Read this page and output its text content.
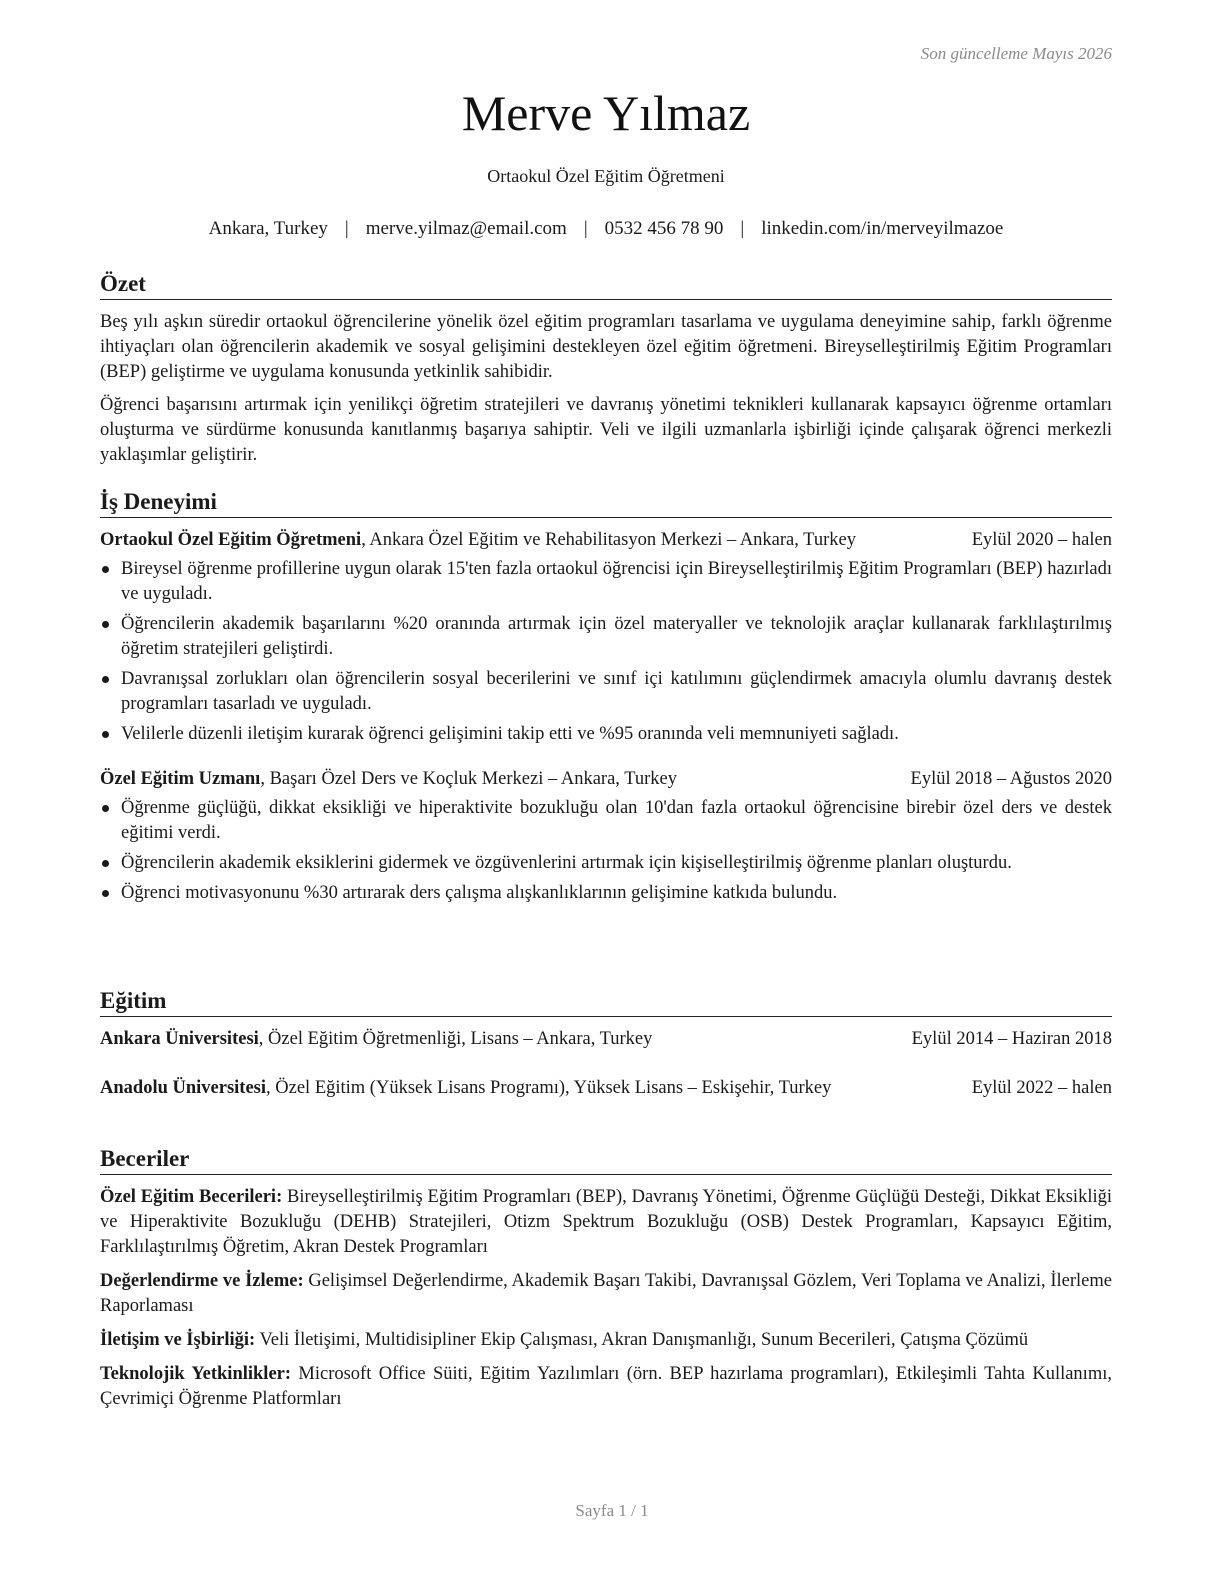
Son güncelleme Mayıs 2026
Merve Yılmaz
Ortaokul Özel Eğitim Öğretmeni
Ankara, Turkey | merve.yilmaz@email.com | 0532 456 78 90 | linkedin.com/in/merveyilmazoe
Özet

Beş yılı aşkın süredir ortaokul öğrencilerine yönelik özel eğitim programları tasarlama ve uygulama deneyimine sahip, farklı öğrenme ihtiyaçları olan öğrencilerin akademik ve sosyal gelişimini destekleyen özel eğitim öğretmeni. Bireyselleştirilmiş Eğitim Programları (BEP) geliştirme ve uygulama konusunda yetkinlik sahibidir.

Öğrenci başarısını artırmak için yenilikçi öğretim stratejileri ve davranış yönetimi teknikleri kullanarak kapsayıcı öğrenme ortamları oluşturma ve sürdürme konusunda kanıtlanmış başarıya sahiptir. Veli ve ilgili uzmanlarla işbirliği içinde çalışarak öğrenci merkezli yaklaşımlar geliştirir.

İş Deneyimi
Ortaokul Özel Eğitim Öğretmeni, Ankara Özel Eğitim ve Rehabilitasyon Merkezi – Ankara, Turkey	Eylül 2020 – halen
Bireysel öğrenme profillerine uygun olarak 15'ten fazla ortaokul öğrencisi için Bireyselleştirilmiş Eğitim Programları (BEP) hazırladı ve uyguladı.
Öğrencilerin akademik başarılarını %20 oranında artırmak için özel materyaller ve teknolojik araçlar kullanarak farklılaştırılmış öğretim stratejileri geliştirdi.
Davranışsal zorlukları olan öğrencilerin sosyal becerilerini ve sınıf içi katılımını güçlendirmek amacıyla olumlu davranış destek programları tasarladı ve uyguladı.
Velilerle düzenli iletişim kurarak öğrenci gelişimini takip etti ve %95 oranında veli memnuniyeti sağladı.
Özel Eğitim Uzmanı, Başarı Özel Ders ve Koçluk Merkezi – Ankara, Turkey	Eylül 2018 – Ağustos 2020
Öğrenme güçlüğü, dikkat eksikliği ve hiperaktivite bozukluğu olan 10'dan fazla ortaokul öğrencisine birebir özel ders ve destek eğitimi verdi.
Öğrencilerin akademik eksiklerini gidermek ve özgüvenlerini artırmak için kişiselleştirilmiş öğrenme planları oluşturdu.
Öğrenci motivasyonunu %30 artırarak ders çalışma alışkanlıklarının gelişimine katkıda bulundu.
Eğitim
Ankara Üniversitesi, Özel Eğitim Öğretmenliği, Lisans – Ankara, Turkey	Eylül 2014 – Haziran 2018
Anadolu Üniversitesi, Özel Eğitim (Yüksek Lisans Programı), Yüksek Lisans – Eskişehir, Turkey	Eylül 2022 – halen
Beceriler
Özel Eğitim Becerileri: Bireyselleştirilmiş Eğitim Programları (BEP), Davranış Yönetimi, Öğrenme Güçlüğü Desteği, Dikkat Eksikliği ve Hiperaktivite Bozukluğu (DEHB) Stratejileri, Otizm Spektrum Bozukluğu (OSB) Destek Programları, Kapsayıcı Eğitim, Farklılaştırılmış Öğretim, Akran Destek Programları
Değerlendirme ve İzleme: Gelişimsel Değerlendirme, Akademik Başarı Takibi, Davranışsal Gözlem, Veri Toplama ve Analizi, İlerleme Raporlaması
İletişim ve İşbirliği: Veli İletişimi, Multidisipliner Ekip Çalışması, Akran Danışmanlığı, Sunum Becerileri, Çatışma Çözümü
Teknolojik Yetkinlikler: Microsoft Office Süiti, Eğitim Yazılımları (örn. BEP hazırlama programları), Etkileşimli Tahta Kullanımı, Çevrimiçi Öğrenme Platformları
Sayfa 1 / 1
